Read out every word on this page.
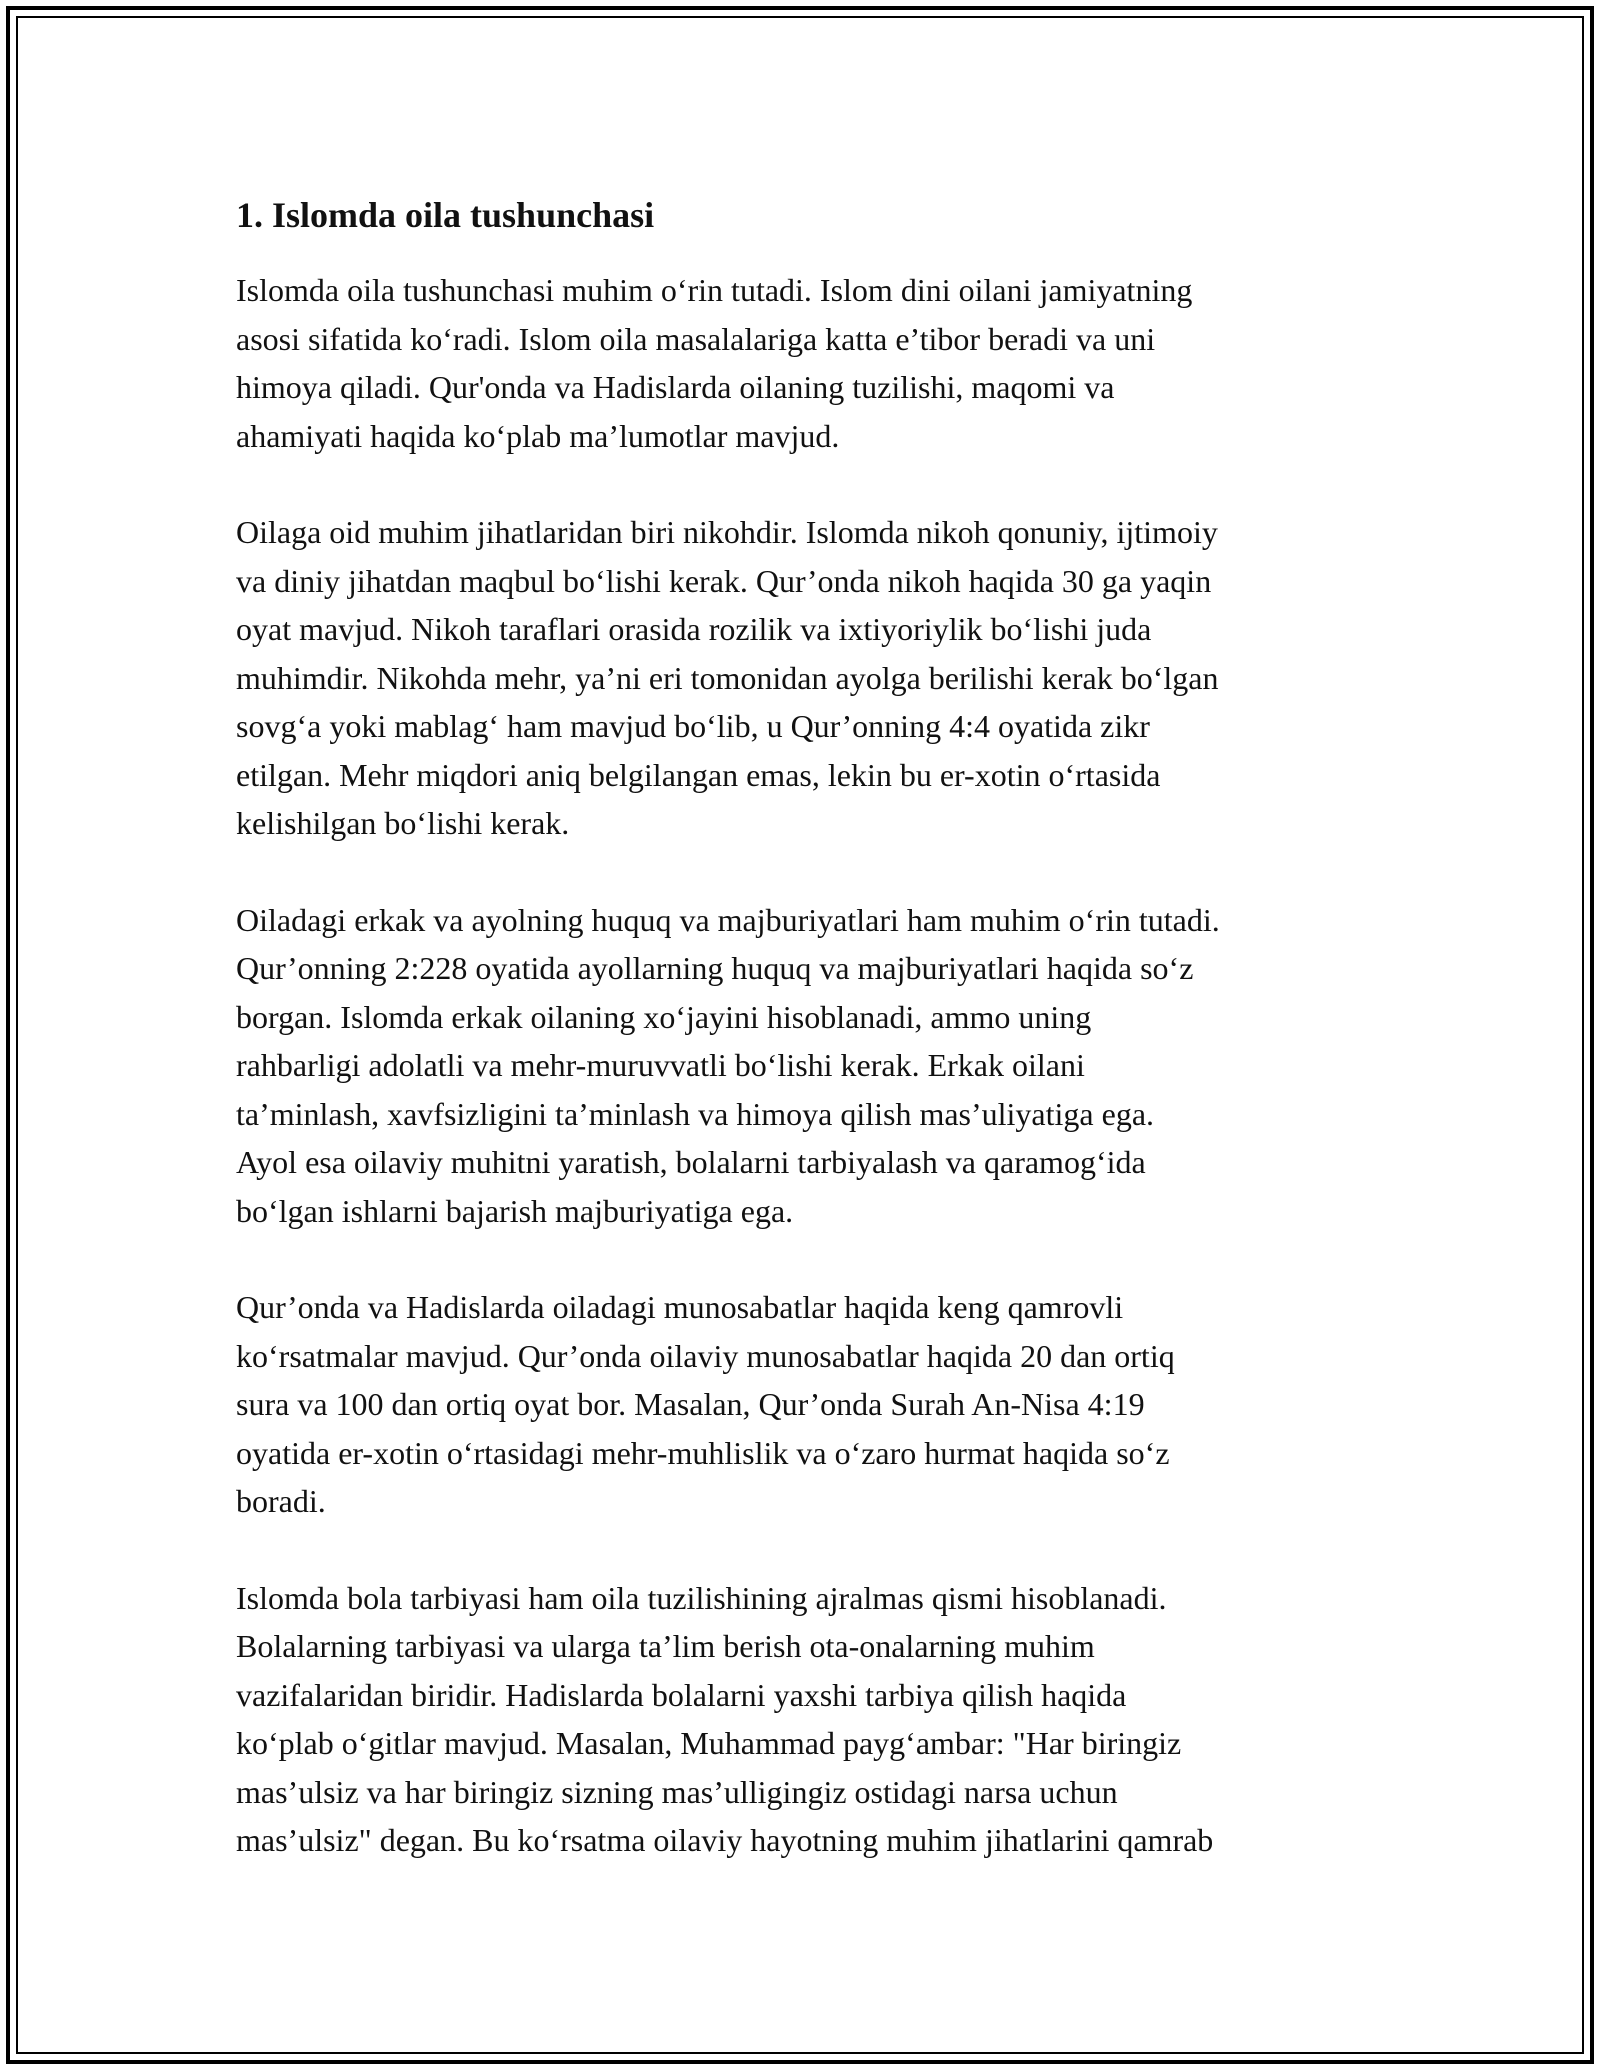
1. Islomda oila tushunchasi

Islomda oila tushunchasi muhim o‘rin tutadi. Islom dini oilani jamiyatning
asosi sifatida ko‘radi. Islom oila masalalariga katta e’tibor beradi va uni
himoya qiladi. Qur'onda va Hadislarda oilaning tuzilishi, maqomi va
ahamiyati haqida ko‘plab ma’lumotlar mavjud.

Oilaga oid muhim jihatlaridan biri nikohdir. Islomda nikoh qonuniy, ijtimoiy
va diniy jihatdan maqbul bo‘lishi kerak. Qur’onda nikoh haqida 30 ga yaqin
oyat mavjud. Nikoh taraflari orasida rozilik va ixtiyoriylik bo‘lishi juda
muhimdir. Nikohda mehr, ya’ni eri tomonidan ayolga berilishi kerak bo‘lgan
sovg‘a yoki mablag‘ ham mavjud bo‘lib, u Qur’onning 4:4 oyatida zikr
etilgan. Mehr miqdori aniq belgilangan emas, lekin bu er-xotin o‘rtasida
kelishilgan bo‘lishi kerak.

Oiladagi erkak va ayolning huquq va majburiyatlari ham muhim o‘rin tutadi.
Qur’onning 2:228 oyatida ayollarning huquq va majburiyatlari haqida so‘z
borgan. Islomda erkak oilaning xo‘jayini hisoblanadi, ammo uning
rahbarligi adolatli va mehr-muruvvatli bo‘lishi kerak. Erkak oilani
ta’minlash, xavfsizligini ta’minlash va himoya qilish mas’uliyatiga ega.
Ayol esa oilaviy muhitni yaratish, bolalarni tarbiyalash va qaramog‘ida
bo‘lgan ishlarni bajarish majburiyatiga ega.

Qur’onda va Hadislarda oiladagi munosabatlar haqida keng qamrovli
ko‘rsatmalar mavjud. Qur’onda oilaviy munosabatlar haqida 20 dan ortiq
sura va 100 dan ortiq oyat bor. Masalan, Qur’onda Surah An-Nisa 4:19
oyatida er-xotin o‘rtasidagi mehr-muhlislik va o‘zaro hurmat haqida so‘z
boradi.

Islomda bola tarbiyasi ham oila tuzilishining ajralmas qismi hisoblanadi.
Bolalarning tarbiyasi va ularga ta’lim berish ota-onalarning muhim
vazifalaridan biridir. Hadislarda bolalarni yaxshi tarbiya qilish haqida
ko‘plab o‘gitlar mavjud. Masalan, Muhammad payg‘ambar: "Har biringiz
mas’ulsiz va har biringiz sizning mas’ulligingiz ostidagi narsa uchun
mas’ulsiz" degan. Bu ko‘rsatma oilaviy hayotning muhim jihatlarini qamrab
